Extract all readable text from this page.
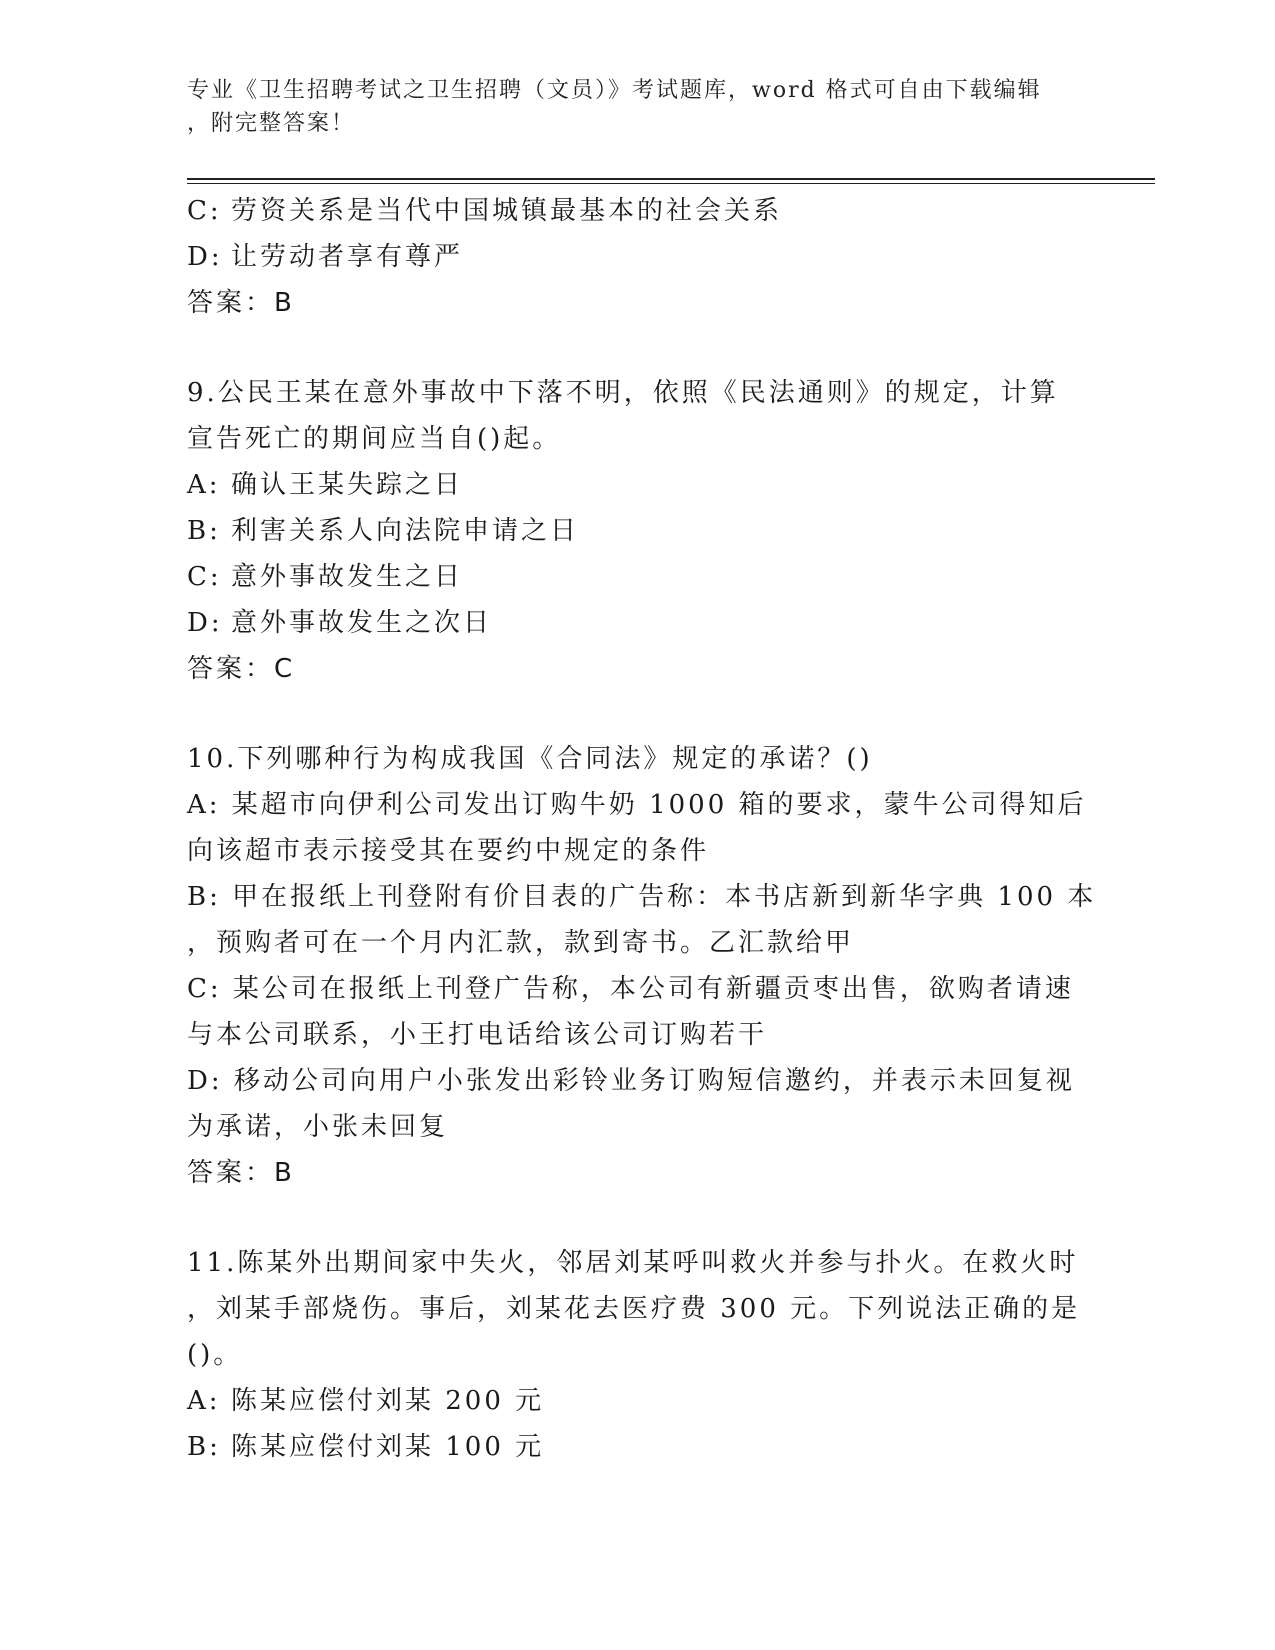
专业《卫生招聘考试之卫生招聘（文员）》考试题库，word 格式可自由下载编辑
，附完整答案！
C: 劳资关系是当代中国城镇最基本的社会关系
D: 让劳动者享有尊严
答案：B
9.公民王某在意外事故中下落不明，依照《民法通则》的规定，计算
宣告死亡的期间应当自()起。
A: 确认王某失踪之日
B: 利害关系人向法院申请之日
C: 意外事故发生之日
D: 意外事故发生之次日
答案：C
10.下列哪种行为构成我国《合同法》规定的承诺？()
A: 某超市向伊利公司发出订购牛奶 1000 箱的要求，蒙牛公司得知后
向该超市表示接受其在要约中规定的条件
B: 甲在报纸上刊登附有价目表的广告称：本书店新到新华字典 100 本
，预购者可在一个月内汇款，款到寄书。乙汇款给甲
C: 某公司在报纸上刊登广告称，本公司有新疆贡枣出售，欲购者请速
与本公司联系，小王打电话给该公司订购若干
D: 移动公司向用户小张发出彩铃业务订购短信邀约，并表示未回复视
为承诺，小张未回复
答案：B
11.陈某外出期间家中失火，邻居刘某呼叫救火并参与扑火。在救火时
，刘某手部烧伤。事后，刘某花去医疗费 300 元。下列说法正确的是
()。
A: 陈某应偿付刘某 200 元
B: 陈某应偿付刘某 100 元
